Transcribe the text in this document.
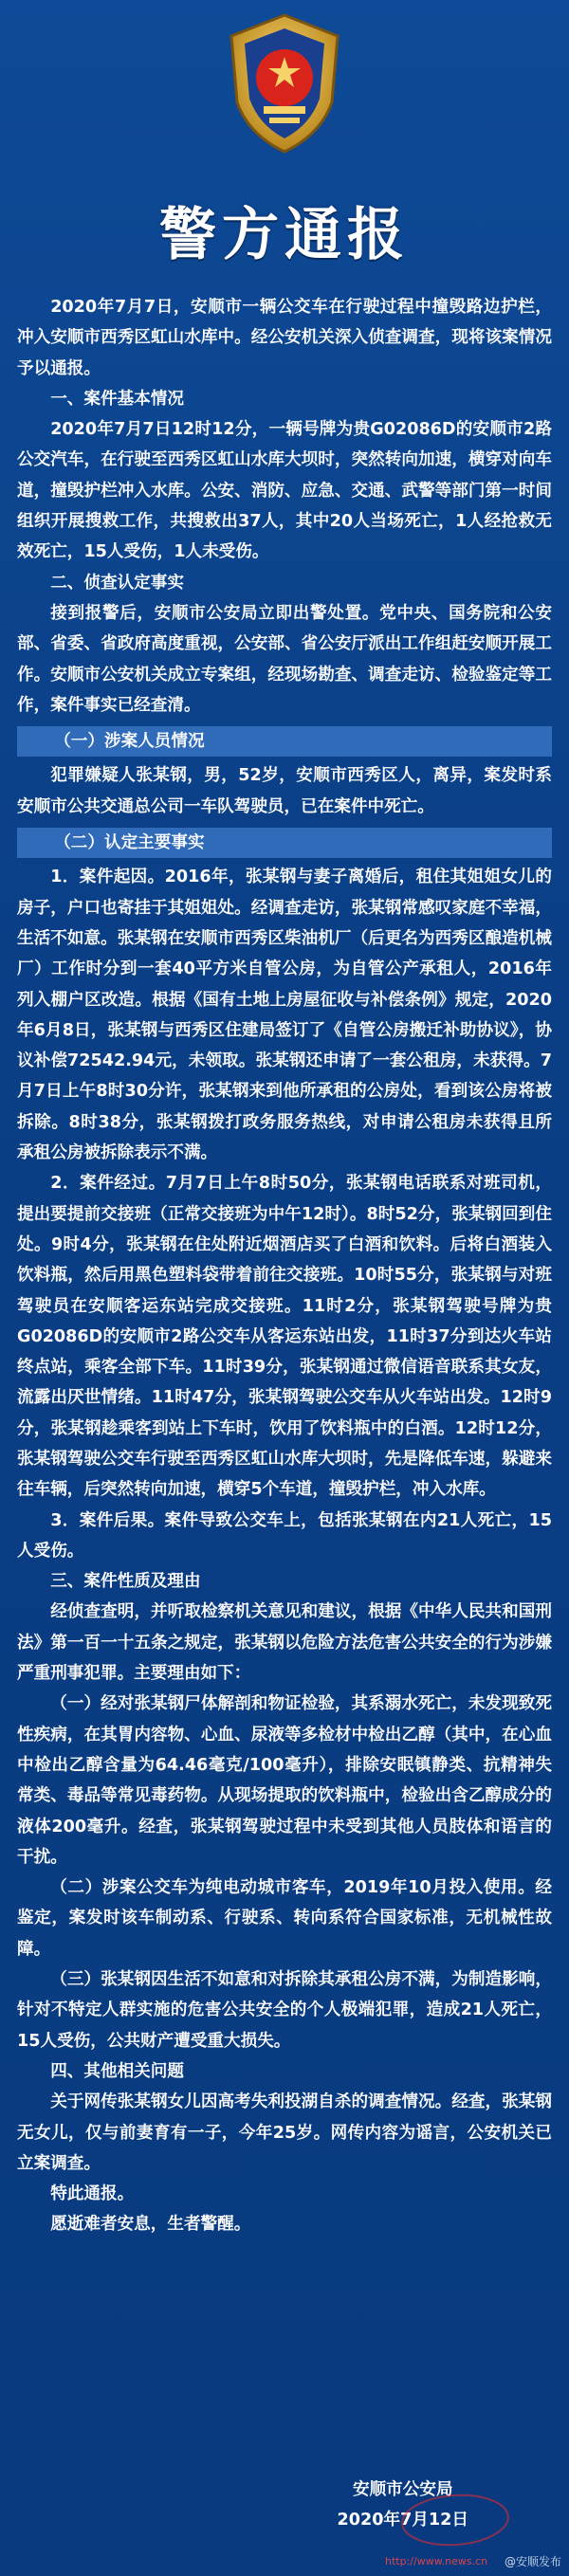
警方通报

2020年7月7日，安顺市一辆公交车在行驶过程中撞毁路边护栏，冲入安顺市西秀区虹山水库中。经公安机关深入侦查调查，现将该案情况予以通报。

一、案件基本情况

2020年7月7日12时12分，一辆号牌为贵G02086D的安顺市2路公交汽车，在行驶至西秀区虹山水库大坝时，突然转向加速，横穿对向车道，撞毁护栏冲入水库。公安、消防、应急、交通、武警等部门第一时间组织开展搜救工作，共搜救出37人，其中20人当场死亡，1人经抢救无效死亡，15人受伤，1人未受伤。

二、侦查认定事实

接到报警后，安顺市公安局立即出警处置。党中央、国务院和公安部、省委、省政府高度重视，公安部、省公安厅派出工作组赶安顺开展工作。安顺市公安机关成立专案组，经现场勘查、调查走访、检验鉴定等工作，案件事实已经查清。

（一）涉案人员情况

犯罪嫌疑人张某钢，男，52岁，安顺市西秀区人，离异，案发时系安顺市公共交通总公司一车队驾驶员，已在案件中死亡。

（二）认定主要事实

1．案件起因。2016年，张某钢与妻子离婚后，租住其姐姐女儿的房子，户口也寄挂于其姐姐处。经调查走访，张某钢常感叹家庭不幸福，生活不如意。张某钢在安顺市西秀区柴油机厂（后更名为西秀区酿造机械厂）工作时分到一套40平方米自管公房，为自管公产承租人，2016年列入棚户区改造。根据《国有土地上房屋征收与补偿条例》规定，2020年6月8日，张某钢与西秀区住建局签订了《自管公房搬迁补助协议》，协议补偿72542.94元，未领取。张某钢还申请了一套公租房，未获得。7月7日上午8时30分许，张某钢来到他所承租的公房处，看到该公房将被拆除。8时38分，张某钢拨打政务服务热线，对申请公租房未获得且所承租公房被拆除表示不满。

2．案件经过。7月7日上午8时50分，张某钢电话联系对班司机，提出要提前交接班（正常交接班为中午12时）。8时52分，张某钢回到住处。9时4分，张某钢在住处附近烟酒店买了白酒和饮料。后将白酒装入饮料瓶，然后用黑色塑料袋带着前往交接班。10时55分，张某钢与对班驾驶员在安顺客运东站完成交接班。11时2分，张某钢驾驶号牌为贵G02086D的安顺市2路公交车从客运东站出发，11时37分到达火车站终点站，乘客全部下车。11时39分，张某钢通过微信语音联系其女友，流露出厌世情绪。11时47分，张某钢驾驶公交车从火车站出发。12时9分，张某钢趁乘客到站上下车时，饮用了饮料瓶中的白酒。12时12分，张某钢驾驶公交车行驶至西秀区虹山水库大坝时，先是降低车速，躲避来往车辆，后突然转向加速，横穿5个车道，撞毁护栏，冲入水库。

3．案件后果。案件导致公交车上，包括张某钢在内21人死亡，15人受伤。

三、案件性质及理由

经侦查查明，并听取检察机关意见和建议，根据《中华人民共和国刑法》第一百一十五条之规定，张某钢以危险方法危害公共安全的行为涉嫌严重刑事犯罪。主要理由如下：

（一）经对张某钢尸体解剖和物证检验，其系溺水死亡，未发现致死性疾病，在其胃内容物、心血、尿液等多检材中检出乙醇（其中，在心血中检出乙醇含量为64.46毫克/100毫升），排除安眠镇静类、抗精神失常类、毒品等常见毒药物。从现场提取的饮料瓶中，检验出含乙醇成分的液体200毫升。经查，张某钢驾驶过程中未受到其他人员肢体和语言的干扰。

（二）涉案公交车为纯电动城市客车，2019年10月投入使用。经鉴定，案发时该车制动系、行驶系、转向系符合国家标准，无机械性故障。

（三）张某钢因生活不如意和对拆除其承租公房不满，为制造影响，针对不特定人群实施的危害公共安全的个人极端犯罪，造成21人死亡，15人受伤，公共财产遭受重大损失。

四、其他相关问题

关于网传张某钢女儿因高考失利投湖自杀的调查情况。经查，张某钢无女儿，仅与前妻育有一子，今年25岁。网传内容为谣言，公安机关已立案调查。

特此通报。

愿逝难者安息，生者警醒。

安顺市公安局
2020年7月12日
http://www.news.cn @安顺发布
